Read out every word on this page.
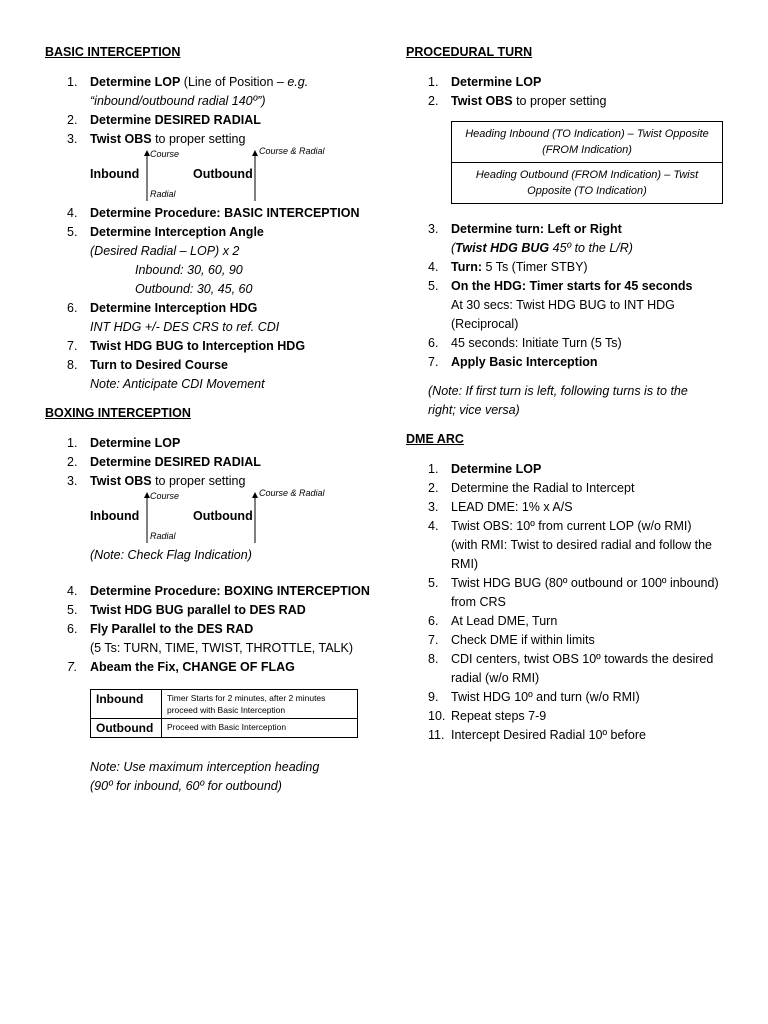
BASIC INTERCEPTION
1.	Determine LOP (Line of Position – e.g.
“inbound/outbound radial 140º”)
2.	Determine DESIRED RADIAL
3.	Twist OBS to proper setting
Inbound	Outbound
Course
Radial
Course & Radial
4.	Determine Procedure: BASIC INTERCEPTION
5.	Determine Interception Angle
(Desired Radial – LOP) x 2
Inbound: 30, 60, 90
Outbound: 30, 45, 60
6.	Determine Interception HDG
INT HDG +/- DES CRS to ref. CDI
7.	Twist HDG BUG to Interception HDG
8.	Turn to Desired Course
Note: Anticipate CDI Movement
BOXING INTERCEPTION
1.	Determine LOP
2.	Determine DESIRED RADIAL
3.	Twist OBS to proper setting
Inbound	Outbound
Course
Radial
Course & Radial
(Note: Check Flag Indication)
4.	Determine Procedure: BOXING INTERCEPTION
5.	Twist HDG BUG parallel to DES RAD
6.	Fly Parallel to the DES RAD
(5 Ts: TURN, TIME, TWIST, THROTTLE, TALK)
7.	Abeam the Fix, CHANGE OF FLAG
Inbound	Timer Starts for 2 minutes, after 2 minutes proceed with Basic Interception
Outbound	Proceed with Basic Interception
Note: Use maximum interception heading
(90º for inbound, 60º for outbound)
PROCEDURAL TURN
1.	Determine LOP
2.	Twist OBS to proper setting
Heading Inbound (TO Indication) – Twist Opposite (FROM Indication)
Heading Outbound (FROM Indication) – Twist Opposite (TO Indication)
3.	Determine turn: Left or Right
(Twist HDG BUG 45º to the L/R)
4.	Turn: 5 Ts (Timer STBY)
5.	On the HDG: Timer starts for 45 seconds
At 30 secs: Twist HDG BUG to INT HDG
(Reciprocal)
6.	45 seconds: Initiate Turn (5 Ts)
7.	Apply Basic Interception
(Note: If first turn is left, following turns is to the
right; vice versa)
DME ARC
1.	Determine LOP
2.	Determine the Radial to Intercept
3.	LEAD DME: 1% x A/S
4.	Twist OBS: 10º from current LOP (w/o RMI)
(with RMI: Twist to desired radial and follow the
RMI)
5.	Twist HDG BUG (80º outbound or 100º inbound)
from CRS
6.	At Lead DME, Turn
7.	Check DME if within limits
8.	CDI centers, twist OBS 10º towards the desired
radial (w/o RMI)
9.	Twist HDG 10º and turn (w/o RMI)
10. Repeat steps 7-9
11. Intercept Desired Radial 10º before
